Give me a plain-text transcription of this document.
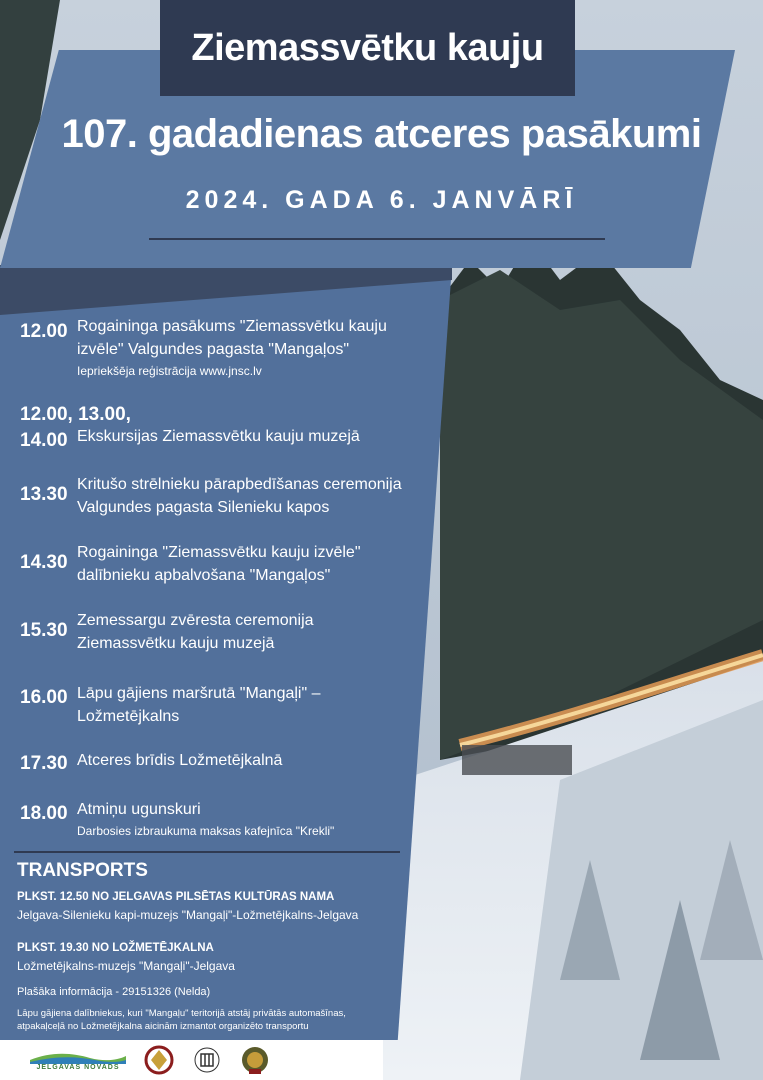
Ziemassvētku kauju
107. gadadienas atceres pasākumi
2024. GADA 6. JANVĀRĪ
12.00 Rogaininga pasākums "Ziemassvētku kauju
izvēle" Valgundes pagasta "Mangaļos"
Iepriekšēja reģistrācija www.jnsc.lv
12.00, 13.00,
14.00 Ekskursijas Ziemassvētku kauju muzejā
13.30 Kritušo strēlnieku pārapbedīšanas ceremonija
Valgundes pagasta Silenieku kapos
14.30 Rogaininga "Ziemassvētku kauju izvēle"
dalībnieku apbalvošana "Mangaļos"
15.30 Zemessargu zvēresta ceremonija
Ziemassvētku kauju muzejā
16.00 Lāpu gājiens maršrutā "Mangaļi" –
Ložmetējkalns
17.30 Atceres brīdis Ložmetējkalnā
18.00 Atmiņu ugunskuri
Darbosies izbraukuma maksas kafejnīca "Krekli"
TRANSPORTS
PLKST. 12.50 NO JELGAVAS PILSĒTAS KULTŪRAS NAMA
Jelgava-Silenieku kapi-muzejs "Mangaļi"-Ložmetējkalns-Jelgava
PLKST. 19.30 NO LOŽMETĒJKALNA
Ložmetējkalns-muzejs "Mangaļi"-Jelgava
Plašāka informācija - 29151326 (Nelda)
Lāpu gājiena dalībniekus, kuri "Mangaļu" teritorijā atstāj privātās automašīnas,
atpakaļceļā no Ložmetējkalna aicinām izmantot organizēto transportu
JELGAVAS NOVADS
